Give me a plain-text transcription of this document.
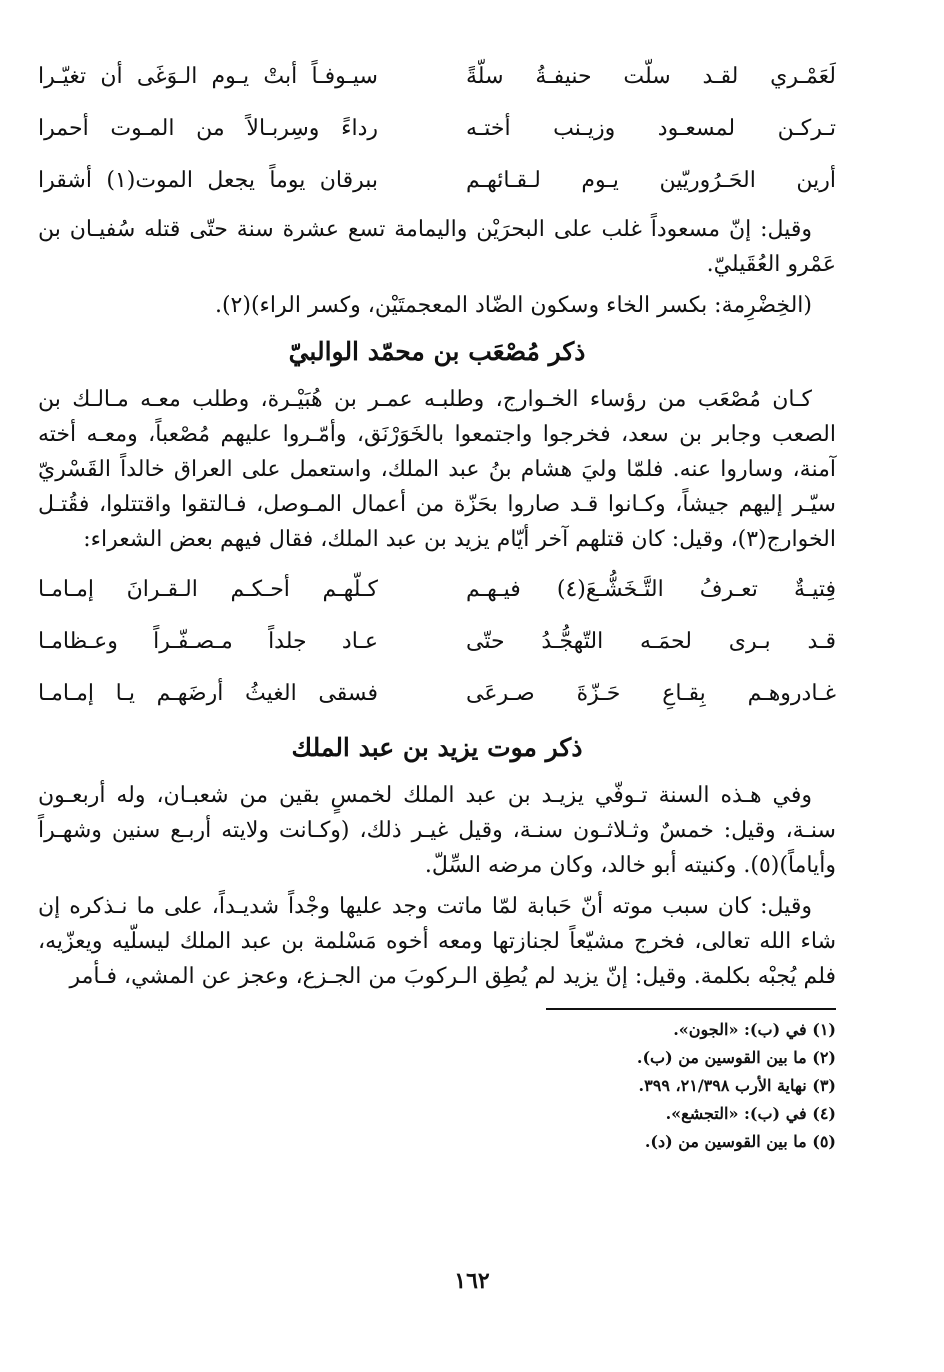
لَعَمْـري لقـد سلّت حنيفـةُ سلّةً
سيـوفـاً أبتْ يـوم الـوَغَى أن تغيّـرا
تـركـن لمسعـود وزيـنب أختـه
رداءً وسِربـالاً من المـوت أحمرا
أرين الحَـرُوريّين يـوم لـقـائهـم
ببرقان يوماً يجعل الموت(١) أشقرا

وقيل: إنّ مسعوداً غلب على البحرَيْن واليمامة تسع عشرة سنة حتّى قتله سُفيـان بن عَمْرو العُقَيليّ.

(الخِضْرِمة: بكسر الخاء وسكون الضّاد المعجمتَيْن، وكسر الراء)(٢).

ذكر مُصْعَب بن محمّد الوالبيّ

كـان مُصْعَب من رؤساء الخـوارج، وطلبـه عمـر بن هُبَيْـرة، وطلب معـه مـالـك بن الصعب وجابر بن سعد، فخرجوا واجتمعوا بالخَوَرْنَق، وأمّـروا عليهم مُصْعباً، ومعـه أخته آمنة، وساروا عنه. فلمّا وليَ هشام بنُ عبد الملك، واستعمل على العراق خالداً القَسْريّ سيّـر إليهم جيشاً، وكـانوا قـد صاروا بحَزّة من أعمال المـوصل، فـالتقوا واقتتلوا، فقُتـل الخوارج(٣)، وقيل: كان قتلهم آخر أيّام يزيد بن عبد الملك، فقال فيهم بعض الشعراء:

فِتيـةٌ تعـرفُ التَّـخَشُّـعَ(٤) فيـهـم
كـلّهـم أحـكـم الـقـرانَ إمـامـا
قـد بـرى لحمَـه التّهجُّـدُ حتّى
عـاد جلداً مـصـفّـراً وعـظامـا
غـادروهـم بِقـاعِ حَـزّةَ صـرعَى
فسقى الغيثُ أرضَهـم يـا إمـامـا
ذكر موت يزيد بن عبد الملك

وفي هـذه السنة تـوفّي يزيـد بن عبد الملك لخمسٍ بقين من شعبـان، وله أربعـون سنـة، وقيل: خمسٌ وثـلاثـون سنـة، وقيل غيـر ذلك، (وكـانت ولايته أربـع سنين وشهـراً وأياماً)(٥). وكنيته أبو خالد، وكان مرضه السِّلّ.

وقيل: كان سبب موته أنّ حَبابة لمّا ماتت وجد عليها وجْداً شديـداً، على ما نـذكره إن شاء الله تعالى، فخرج مشيّعاً لجنازتها ومعه أخوه مَسْلمة بن عبد الملك ليسلّيه ويعزّيه، فلم يُجبْه بكلمة. وقيل: إنّ يزيد لم يُطِق الـركوبَ من الجـزع، وعجز عن المشي، فـأمر

(١) في (ب): «الجون».
(٢) ما بين القوسين من (ب).
(٣) نهاية الأرب ٢١/٣٩٨، ٣٩٩.
(٤) في (ب): «التجشع».
(٥) ما بين القوسين من (د).
١٦٢
